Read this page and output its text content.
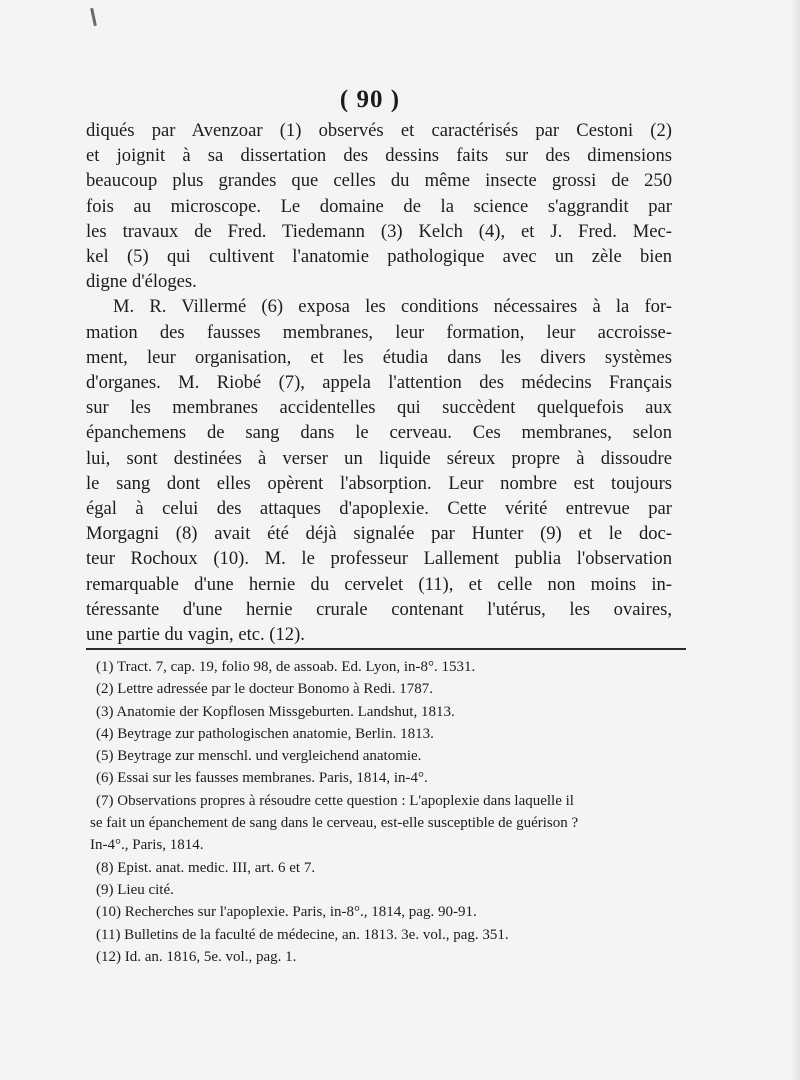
( 90 )
diqués par Avenzoar (1) observés et caractérisés par Cestoni (2)
et joignit à sa dissertation des dessins faits sur des dimensions
beaucoup plus grandes que celles du même insecte grossi de 250
fois au microscope. Le domaine de la science s'aggrandit par
les travaux de Fred. Tiedemann (3) Kelch (4), et J. Fred. Mec-
kel (5) qui cultivent l'anatomie pathologique avec un zèle bien
digne d'éloges.
M. R. Villermé (6) exposa les conditions nécessaires à la for-
mation des fausses membranes, leur formation, leur accroisse-
ment, leur organisation, et les étudia dans les divers systèmes
d'organes. M. Riobé (7), appela l'attention des médecins Français
sur les membranes accidentelles qui succèdent quelquefois aux
épanchemens de sang dans le cerveau. Ces membranes, selon
lui, sont destinées à verser un liquide séreux propre à dissoudre
le sang dont elles opèrent l'absorption. Leur nombre est toujours
égal à celui des attaques d'apoplexie. Cette vérité entrevue par
Morgagni (8) avait été déjà signalée par Hunter (9) et le doc-
teur Rochoux (10). M. le professeur Lallement publia l'observation
remarquable d'une hernie du cervelet (11), et celle non moins in-
téressante d'une hernie crurale contenant l'utérus, les ovaires,
une partie du vagin, etc. (12).
(1) Tract. 7, cap. 19, folio 98, de assoab. Ed. Lyon, in-8°. 1531.
(2) Lettre adressée par le docteur Bonomo à Redi. 1787.
(3) Anatomie der Kopflosen Missgeburten. Landshut, 1813.
(4) Beytrage zur pathologischen anatomie, Berlin. 1813.
(5) Beytrage zur menschl. und vergleichend anatomie.
(6) Essai sur les fausses membranes. Paris, 1814, in-4°.
(7) Observations propres à résoudre cette question : L'apoplexie dans laquelle il
se fait un épanchement de sang dans le cerveau, est-elle susceptible de guérison ?
In-4°., Paris, 1814.
(8) Epist. anat. medic. III, art. 6 et 7.
(9) Lieu cité.
(10) Recherches sur l'apoplexie. Paris, in-8°., 1814, pag. 90-91.
(11) Bulletins de la faculté de médecine, an. 1813. 3e. vol., pag. 351.
(12) Id. an. 1816, 5e. vol., pag. 1.
